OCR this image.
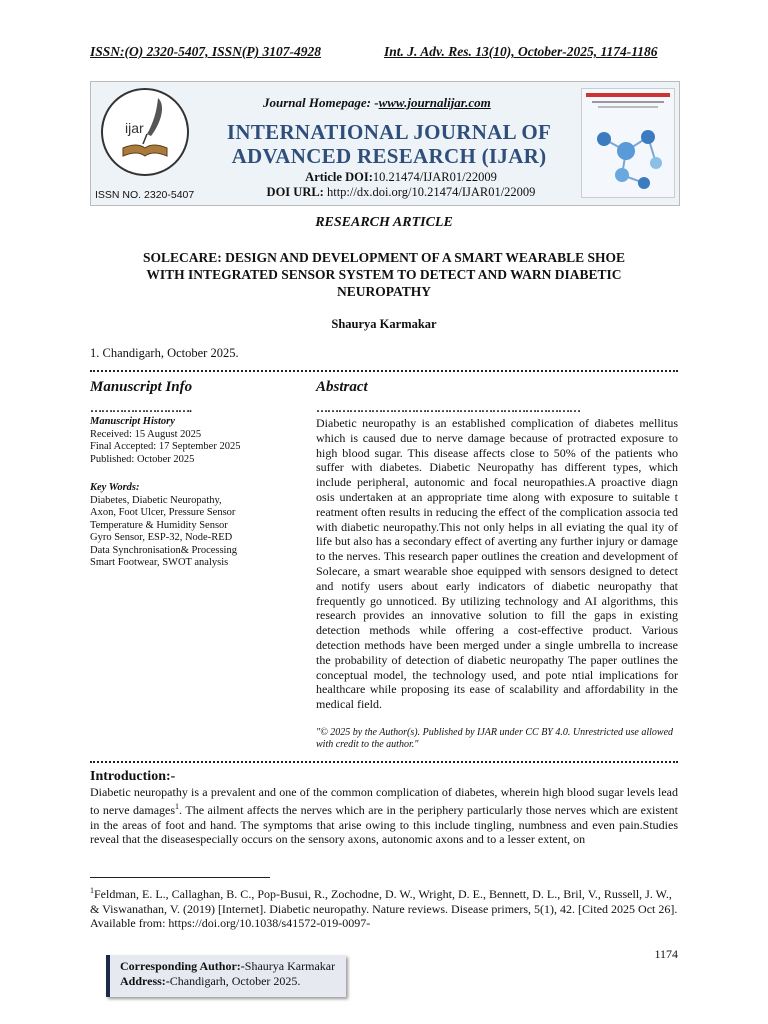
ISSN:(O) 2320-5407, ISSN(P) 3107-4928	Int. J. Adv. Res. 13(10), October-2025, 1174-1186
ijar
ISSN NO. 2320-5407
Journal Homepage: -www.journalijar.com
INTERNATIONAL JOURNAL OF
ADVANCED RESEARCH (IJAR)
Article DOI:10.21474/IJAR01/22009
DOI URL: http://dx.doi.org/10.21474/IJAR01/22009
RESEARCH ARTICLE
SOLECARE: DESIGN AND DEVELOPMENT OF A SMART WEARABLE SHOE
WITH INTEGRATED SENSOR SYSTEM TO DETECT AND WARN DIABETIC
NEUROPATHY
Shaurya Karmakar
1. Chandigarh, October 2025.
Manuscript Info
……………………….
Manuscript History
Received: 15 August 2025
Final Accepted: 17 September 2025
Published: October 2025
Key Words:
Diabetes, Diabetic Neuropathy,
Axon, Foot Ulcer, Pressure Sensor
Temperature & Humidity Sensor
Gyro Sensor, ESP-32, Node-RED
Data Synchronisation& Processing
Smart Footwear, SWOT analysis
Abstract
………………………………………………………………
Diabetic neuropathy is an established complication of diabetes mellitus which is caused due to nerve damage because of protracted exposure to high blood sugar. This disease affects close to 50% of the patients who suffer with diabetes. Diabetic Neuropathy has different types, which include peripheral, autonomic and focal neuropathies.A proactive diagn osis undertaken at an appropriate time along with exposure to suitable t reatment often results in reducing the effect of the complication associa ted with diabetic neuropathy.This not only helps in all eviating the qual ity of life but also has a secondary effect of averting any further injury or damage to the nerves. This research paper outlines the creation and development of Solecare, a smart wearable shoe equipped with sensors designed to detect and notify users about early indicators of diabetic neuropathy that frequently go unnoticed. By utilizing technology and AI algorithms, this research provides an innovative solution to fill the gaps in existing detection methods while offering a cost-effective product. Various detection methods have been merged under a single umbrella to increase the probability of detection of diabetic neuropathy The paper outlines the conceptual model, the technology used, and pote ntial implications for healthcare while proposing its ease of scalability and affordability in the medical field.
"© 2025 by the Author(s). Published by IJAR under CC BY 4.0. Unrestricted use allowed with credit to the author."
Introduction:-
Diabetic neuropathy is a prevalent and one of the common complication of diabetes, wherein high blood sugar levels lead to nerve damages$^1$. The ailment affects the nerves which are in the periphery particularly those nerves which are existent in the areas of foot and hand. The symptoms that arise owing to this include tingling, numbness and even pain.Studies reveal that the diseasespecially occurs on the sensory axons, autonomic axons and to a lesser extent, on
$^1$Feldman, E. L., Callaghan, B. C., Pop-Busui, R., Zochodne, D. W., Wright, D. E., Bennett, D. L., Bril, V., Russell, J. W., & Viswanathan, V. (2019) [Internet]. Diabetic neuropathy. Nature reviews. Disease primers, 5(1), 42. [Cited 2025 Oct 26]. Available from: https://doi.org/10.1038/s41572-019-0097-
1174
Corresponding Author:-Shaurya Karmakar
Address:-Chandigarh, October 2025.
